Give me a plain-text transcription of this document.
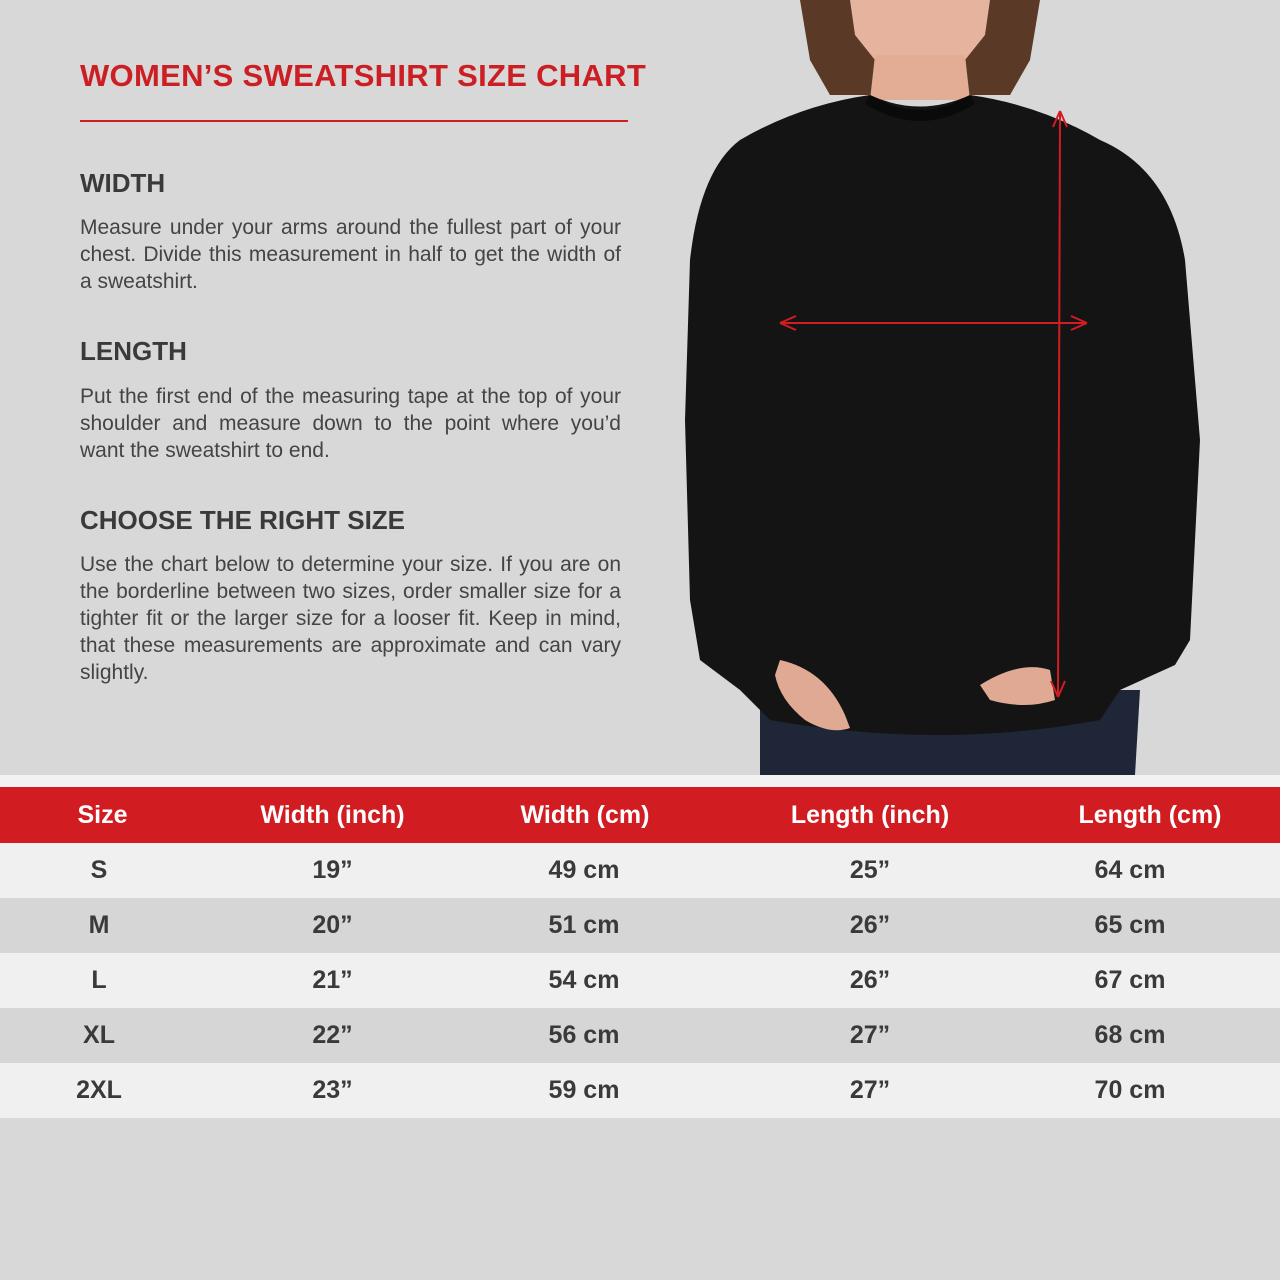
WOMEN’S SWEATSHIRT SIZE CHART
WIDTH

Measure under your arms around the fullest part of your chest. Divide this measurement in half to get the width of a sweatshirt.

LENGTH

Put the first end of the measuring tape at the top of your shoulder and measure down to the point where you’d want the sweatshirt to end.

CHOOSE THE RIGHT SIZE

Use the chart below to determine your size. If you are on the borderline between two sizes, order smaller size for a tighter fit or the larger size for a looser fit. Keep in mind, that these measurements are approximate and can vary slightly.

Size	Width (inch)	Width (cm)	Length (inch)	Length (cm)
S	19”	49 cm	25”	64 cm
M	20”	51 cm	26”	65 cm
L	21”	54 cm	26”	67 cm
XL	22”	56 cm	27”	68 cm
2XL	23”	59 cm	27”	70 cm
